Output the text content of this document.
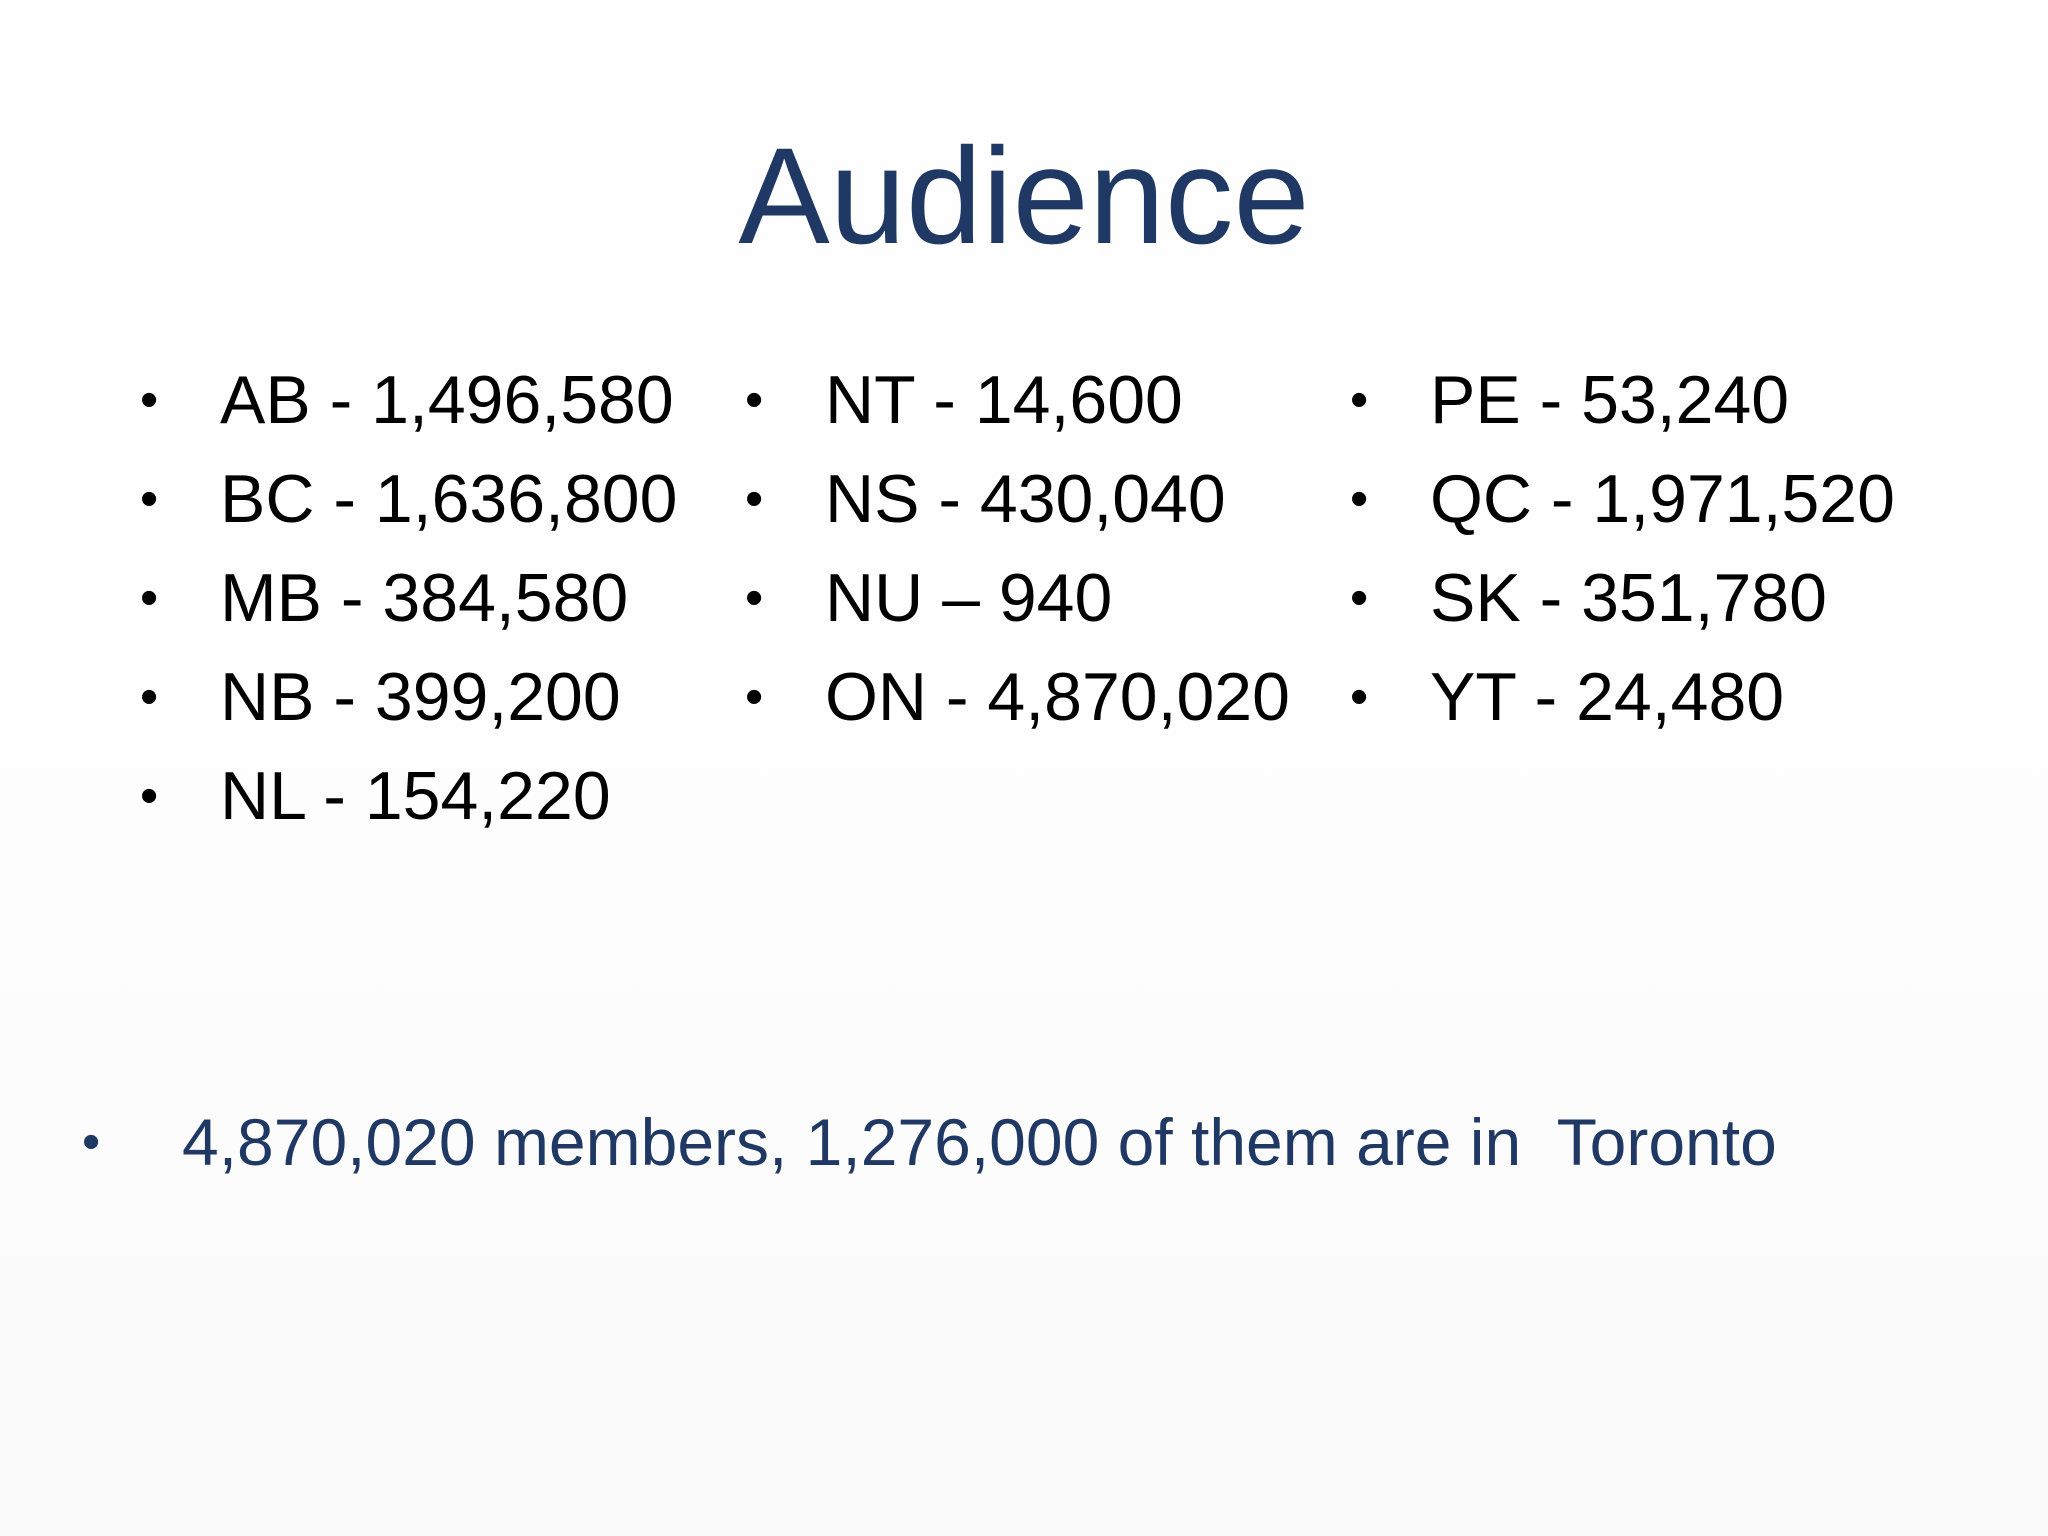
Audience
• AB - 1,496,580
• BC - 1,636,800
• MB - 384,580
• NB - 399,200
• NL - 154,220
• NT - 14,600
• NS - 430,040
• NU – 940
• ON - 4,870,020
• PE - 53,240
• QC - 1,971,520
• SK - 351,780
• YT - 24,480
•	4,870,020 members, 1,276,000 of them are in  Toronto
